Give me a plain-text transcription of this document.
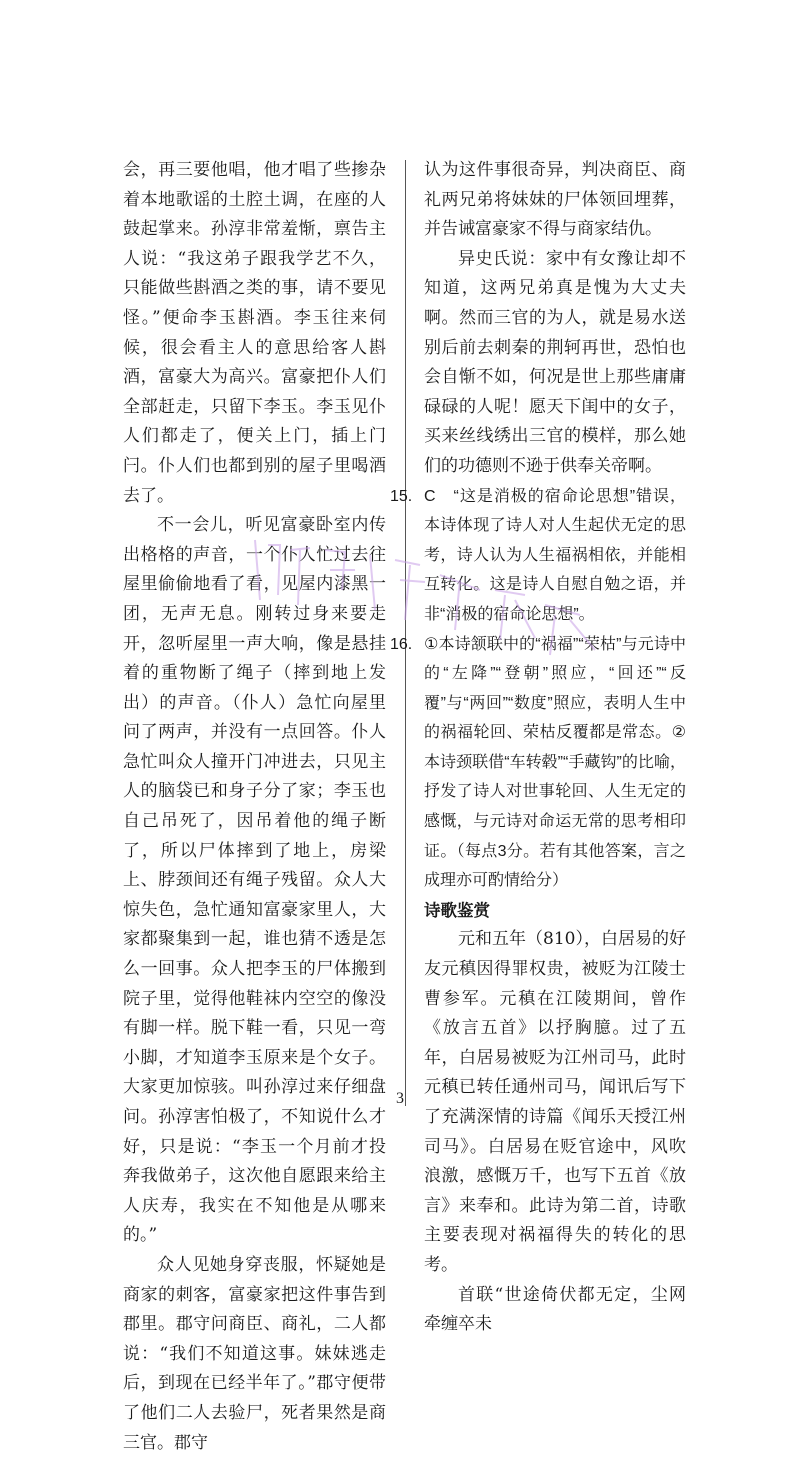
会，再三要他唱，他才唱了些掺杂着本地歌谣的土腔土调，在座的人鼓起掌来。孙淳非常羞惭，禀告主人说：“我这弟子跟我学艺不久，只能做些斟酒之类的事，请不要见怪。”便命李玉斟酒。李玉往来伺候，很会看主人的意思给客人斟酒，富豪大为高兴。富豪把仆人们全部赶走，只留下李玉。李玉见仆人们都走了，便关上门，插上门闩。仆人们也都到别的屋子里喝酒去了。

不一会儿，听见富豪卧室内传出格格的声音，一个仆人忙过去往屋里偷偷地看了看，见屋内漆黑一团，无声无息。刚转过身来要走开，忽听屋里一声大响，像是悬挂着的重物断了绳子（摔到地上发出）的声音。（仆人）急忙向屋里问了两声，并没有一点回答。仆人急忙叫众人撞开门冲进去，只见主人的脑袋已和身子分了家；李玉也自己吊死了，因吊着他的绳子断了，所以尸体摔到了地上，房梁上、脖颈间还有绳子残留。众人大惊失色，急忙通知富豪家里人，大家都聚集到一起，谁也猜不透是怎么一回事。众人把李玉的尸体搬到院子里，觉得他鞋袜内空空的像没有脚一样。脱下鞋一看，只见一弯小脚，才知道李玉原来是个女子。大家更加惊骇。叫孙淳过来仔细盘问。孙淳害怕极了，不知说什么才好，只是说：“李玉一个月前才投奔我做弟子，这次他自愿跟来给主人庆寿，我实在不知他是从哪来的。”

众人见她身穿丧服，怀疑她是商家的刺客，富豪家把这件事告到郡里。郡守问商臣、商礼，二人都说：“我们不知道这事。妹妹逃走后，到现在已经半年了。”郡守便带了他们二人去验尸，死者果然是商三官。郡守

认为这件事很奇异，判决商臣、商礼两兄弟将妹妹的尸体领回埋葬，并告诫富豪家不得与商家结仇。

异史氏说：家中有女豫让却不知道，这两兄弟真是愧为大丈夫啊。然而三官的为人，就是易水送别后前去刺秦的荆轲再世，恐怕也会自惭不如，何况是世上那些庸庸碌碌的人呢！愿天下闺中的女子，买来丝线绣出三官的模样，那么她们的功德则不逊于供奉关帝啊。

15. C　“这是消极的宿命论思想”错误，本诗体现了诗人对人生起伏无定的思考，诗人认为人生福祸相依，并能相互转化。这是诗人自慰自勉之语，并非“消极的宿命论思想”。

16. ①本诗颔联中的“祸福”“荣枯”与元诗中的“左降”“登朝”照应，“回还”“反覆”与“两回”“数度”照应，表明人生中的祸福轮回、荣枯反覆都是常态。②本诗颈联借“车转毂”“手藏钩”的比喻，抒发了诗人对世事轮回、人生无定的感慨，与元诗对命运无常的思考相印证。（每点3分。若有其他答案，言之成理亦可酌情给分）

诗歌鉴赏

元和五年（810），白居易的好友元稹因得罪权贵，被贬为江陵士曹参军。元稹在江陵期间，曾作《放言五首》以抒胸臆。过了五年，白居易被贬为江州司马，此时元稹已转任通州司马，闻讯后写下了充满深情的诗篇《闻乐天授江州司马》。白居易在贬官途中，风吹浪激，感慨万千，也写下五首《放言》来奉和。此诗为第二首，诗歌主要表现对祸福得失的转化的思考。

首联“世途倚伏都无定，尘网牵缠卒未

3
